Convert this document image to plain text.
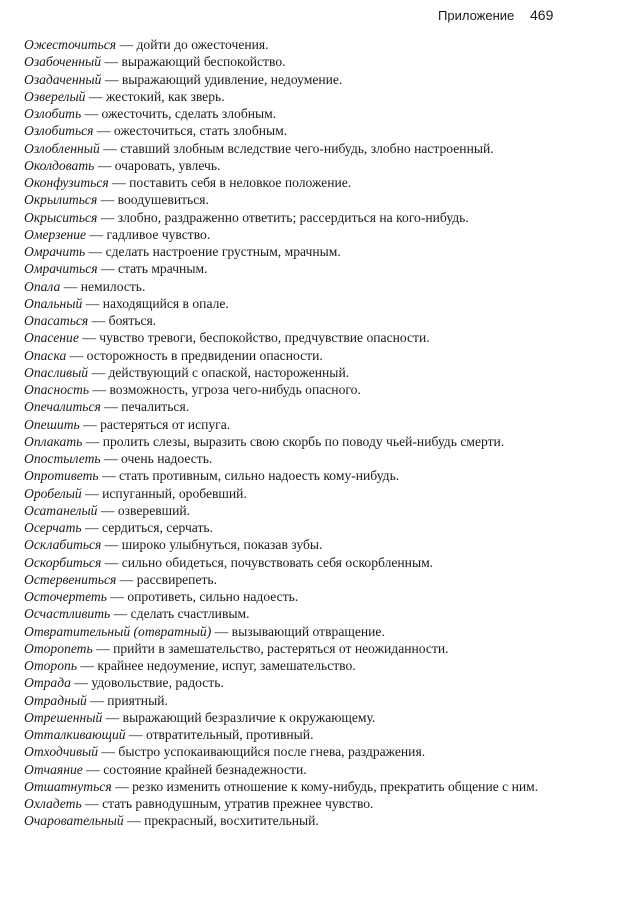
Приложение 469
Ожесточиться — дойти до ожесточения.
Озабоченный — выражающий беспокойство.
Озадаченный — выражающий удивление, недоумение.
Озверелый — жестокий, как зверь.
Озлобить — ожесточить, сделать злобным.
Озлобиться — ожесточиться, стать злобным.
Озлобленный — ставший злобным вследствие чего-нибудь, злобно настроенный.
Околдовать — очаровать, увлечь.
Оконфузиться — поставить себя в неловкое положение.
Окрылиться — воодушевиться.
Окрыситься — злобно, раздраженно ответить; рассердиться на кого-нибудь.
Омерзение — гадливое чувство.
Омрачить — сделать настроение грустным, мрачным.
Омрачиться — стать мрачным.
Опала — немилость.
Опальный — находящийся в опале.
Опасаться — бояться.
Опасение — чувство тревоги, беспокойство, предчувствие опасности.
Опаска — осторожность в предвидении опасности.
Опасливый — действующий с опаской, настороженный.
Опасность — возможность, угроза чего-нибудь опасного.
Опечалиться — печалиться.
Опешить — растеряться от испуга.
Оплакать — пролить слезы, выразить свою скорбь по поводу чьей-нибудь смерти.
Опостылеть — очень надоесть.
Опротиветь — стать противным, сильно надоесть кому-нибудь.
Оробелый — испуганный, оробевший.
Осатанелый — озверевший.
Осерчать — сердиться, серчать.
Осклабиться — широко улыбнуться, показав зубы.
Оскорбиться — сильно обидеться, почувствовать себя оскорбленным.
Остервениться — рассвирепеть.
Осточертеть — опротиветь, сильно надоесть.
Осчастливить — сделать счастливым.
Отвратительный (отвратный) — вызывающий отвращение.
Оторопеть — прийти в замешательство, растеряться от неожиданности.
Оторопь — крайнее недоумение, испуг, замешательство.
Отрада — удовольствие, радость.
Отрадный — приятный.
Отрешенный — выражающий безразличие к окружающему.
Отталкивающий — отвратительный, противный.
Отходчивый — быстро успокаивающийся после гнева, раздражения.
Отчаяние — состояние крайней безнадежности.
Отшатнуться — резко изменить отношение к кому-нибудь, прекратить общение с ним.
Охладеть — стать равнодушным, утратив прежнее чувство.
Очаровательный — прекрасный, восхитительный.
